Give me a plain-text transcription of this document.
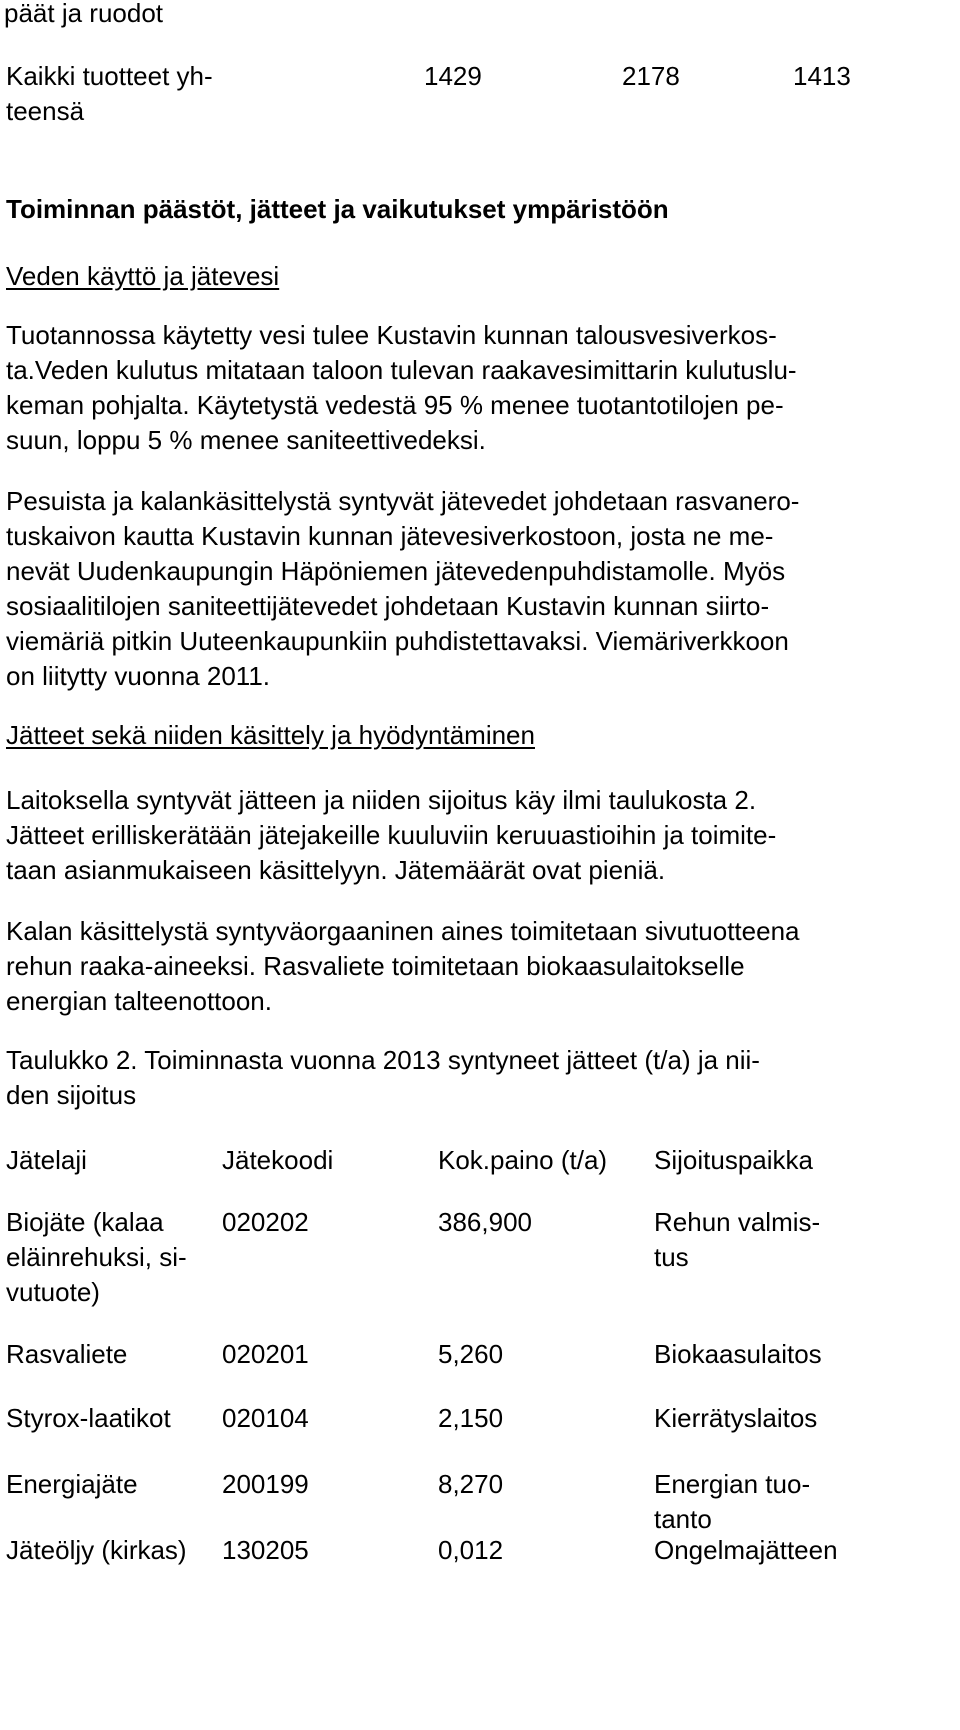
päät ja ruodot
Kaikki tuotteet yh-
teensä
1429	2178	1413
Toiminnan päästöt, jätteet ja vaikutukset ympäristöön
Veden käyttö ja jätevesi
Tuotannossa käytetty vesi tulee Kustavin kunnan talousvesiverkos-
ta.Veden kulutus mitataan taloon tulevan raakavesimittarin kulutuslu-
keman pohjalta. Käytetystä vedestä 95 % menee tuotantotilojen pe-
suun, loppu 5 % menee saniteettivedeksi.
Pesuista ja kalankäsittelystä syntyvät jätevedet johdetaan rasvanero-
tuskaivon kautta Kustavin kunnan jätevesiverkostoon, josta ne me-
nevät Uudenkaupungin Häpöniemen jätevedenpuhdistamolle. Myös
sosiaalitilojen saniteettijätevedet johdetaan Kustavin kunnan siirto-
viemäriä pitkin Uuteenkaupunkiin puhdistettavaksi. Viemäriverkkoon
on liitytty vuonna 2011.
Jätteet sekä niiden käsittely ja hyödyntäminen
Laitoksella syntyvät jätteen ja niiden sijoitus käy ilmi taulukosta 2.
Jätteet erilliskerätään jätejakeille kuuluviin keruuastioihin ja toimite-
taan asianmukaiseen käsittelyyn. Jätemäärät ovat pieniä.
Kalan käsittelystä syntyväorgaaninen aines toimitetaan sivutuotteena
rehun raaka-aineeksi. Rasvaliete toimitetaan biokaasulaitokselle
energian talteenottoon.
Taulukko 2. Toiminnasta vuonna 2013 syntyneet jätteet (t/a) ja nii-
den sijoitus
Jätelaji	Jätekoodi	Kok.paino (t/a) Sijoituspaikka
Biojäte (kalaa
eläinrehuksi, si-
vutuote)
020202	386,900	Rehun valmis-
tus
Rasvaliete	020201	5,260	Biokaasulaitos
Styrox-laatikot 020104	2,150	Kierrätyslaitos
Energiajäte	200199	8,270	Energian tuo-
tanto
Jäteöljy (kirkas) 130205	0,012	Ongelmajätteen
